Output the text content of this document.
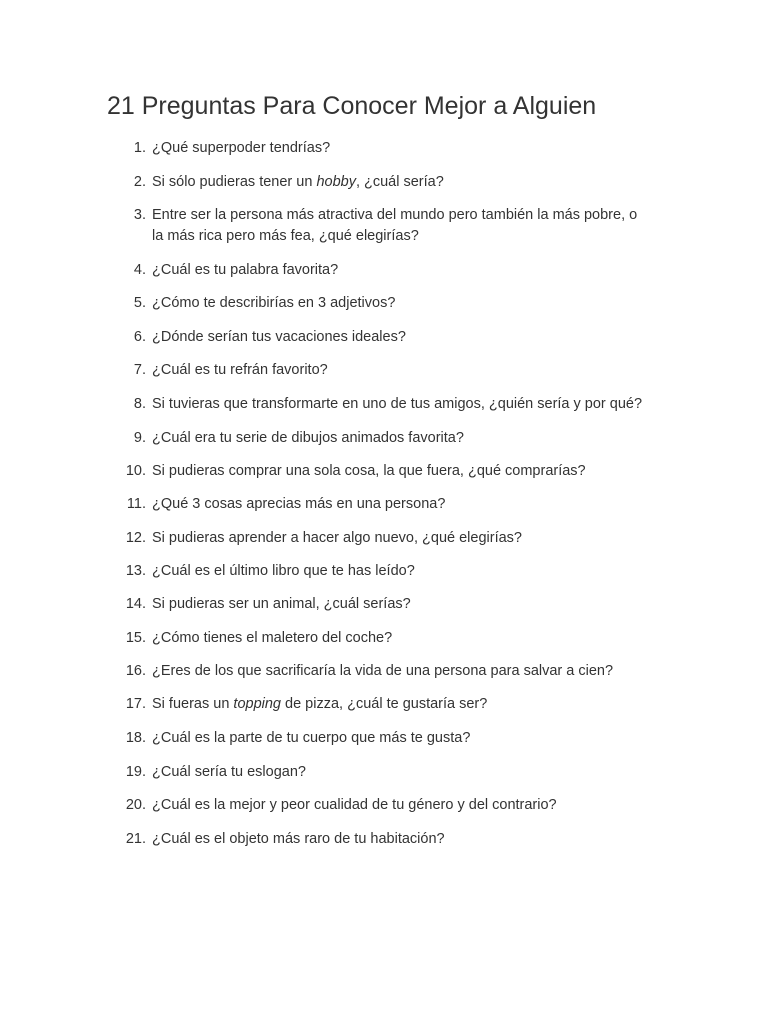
21 Preguntas Para Conocer Mejor a Alguien
1. ¿Qué superpoder tendrías?
2. Si sólo pudieras tener un hobby, ¿cuál sería?
3. Entre ser la persona más atractiva del mundo pero también la más pobre, o
la más rica pero más fea, ¿qué elegirías?
4. ¿Cuál es tu palabra favorita?
5. ¿Cómo te describirías en 3 adjetivos?
6. ¿Dónde serían tus vacaciones ideales?
7. ¿Cuál es tu refrán favorito?
8. Si tuvieras que transformarte en uno de tus amigos, ¿quién sería y por qué?
9. ¿Cuál era tu serie de dibujos animados favorita?
10. Si pudieras comprar una sola cosa, la que fuera, ¿qué comprarías?
11. ¿Qué 3 cosas aprecias más en una persona?
12. Si pudieras aprender a hacer algo nuevo, ¿qué elegirías?
13. ¿Cuál es el último libro que te has leído?
14. Si pudieras ser un animal, ¿cuál serías?
15. ¿Cómo tienes el maletero del coche?
16. ¿Eres de los que sacrificaría la vida de una persona para salvar a cien?
17. Si fueras un topping de pizza, ¿cuál te gustaría ser?
18. ¿Cuál es la parte de tu cuerpo que más te gusta?
19. ¿Cuál sería tu eslogan?
20. ¿Cuál es la mejor y peor cualidad de tu género y del contrario?
21. ¿Cuál es el objeto más raro de tu habitación?
